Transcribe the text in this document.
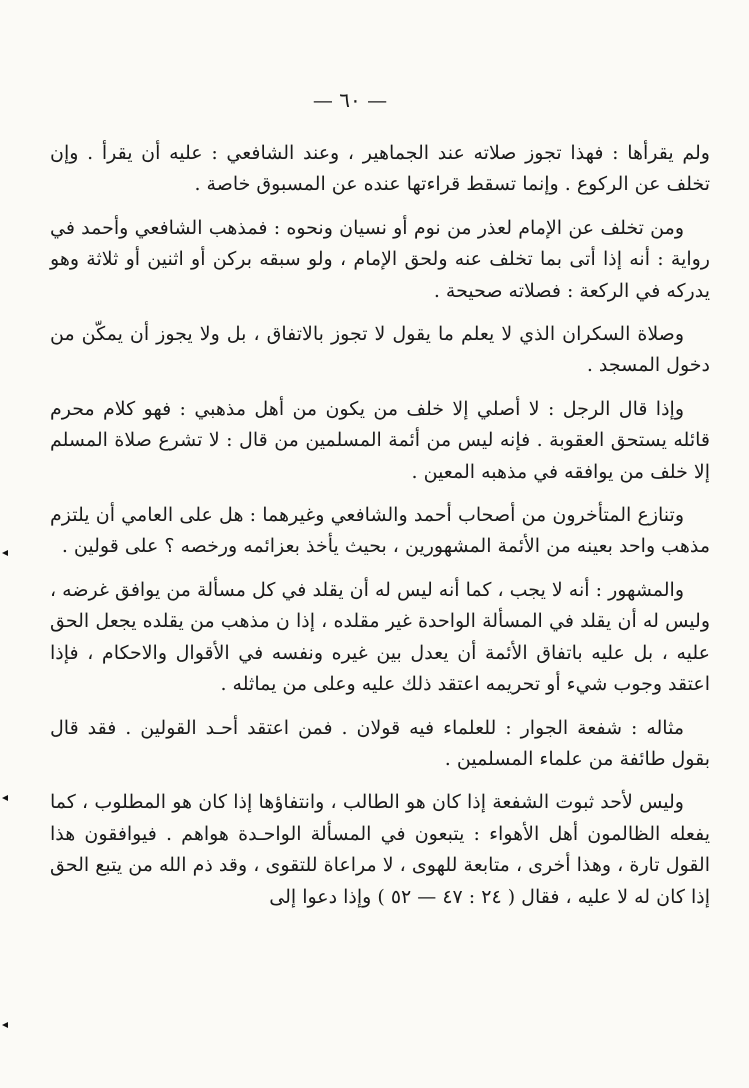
— ٦٠ —

ولم يقرأها : فهذا تجوز صلاته عند الجماهير ، وعند الشافعي : عليه أن يقرأ . وإن تخلف عن الركوع . وإنما تسقط قراءتها عنده عن المسبوق خاصة .

ومن تخلف عن الإمام لعذر من نوم أو نسيان ونحوه : فمذهب الشافعي وأحمد في رواية : أنه إذا أتى بما تخلف عنه ولحق الإمام ، ولو سبقه بركن أو اثنين أو ثلاثة وهو يدركه في الركعة : فصلاته صحيحة .

وصلاة السكران الذي لا يعلم ما يقول لا تجوز بالاتفاق ، بل ولا يجوز أن يمكّن من دخول المسجد .

وإذا قال الرجل : لا أصلي إلا خلف من يكون من أهل مذهبي : فهو كلام محرم قائله يستحق العقوبة . فإنه ليس من أئمة المسلمين من قال : لا تشرع صلاة المسلم إلا خلف من يوافقه في مذهبه المعين .

وتنازع المتأخرون من أصحاب أحمد والشافعي وغيرهما : هل على العامي أن يلتزم مذهب واحد بعينه من الأئمة المشهورين ، بحيث يأخذ بعزائمه ورخصه ؟ على قولين .

والمشهور : أنه لا يجب ، كما أنه ليس له أن يقلد في كل مسألة من يوافق غرضه ، وليس له أن يقلد في المسألة الواحدة غير مقلده ، إذا ن مذهب من يقلده يجعل الحق عليه ، بل عليه باتفاق الأئمة أن يعدل بين غيره ونفسه في الأقوال والاحكام ، فإذا اعتقد وجوب شيء أو تحريمه اعتقد ذلك عليه وعلى من يماثله .

مثاله : شفعة الجوار : للعلماء فيه قولان . فمن اعتقد أحـد القولين . فقد قال بقول طائفة من علماء المسلمين .

وليس لأحد ثبوت الشفعة إذا كان هو الطالب ، وانتفاؤها إذا كان هو المطلوب ، كما يفعله الظالمون أهل الأهواء : يتبعون في المسألة الواحـدة هواهم . فيوافقون هذا القول تارة ، وهذا أخرى ، متابعة للهوى ، لا مراعاة للتقوى ، وقد ذم الله من يتبع الحق إذا كان له لا عليه ، فقال ( ٢٤ : ٤٧ — ٥٢ ) وإذا دعوا إلى
